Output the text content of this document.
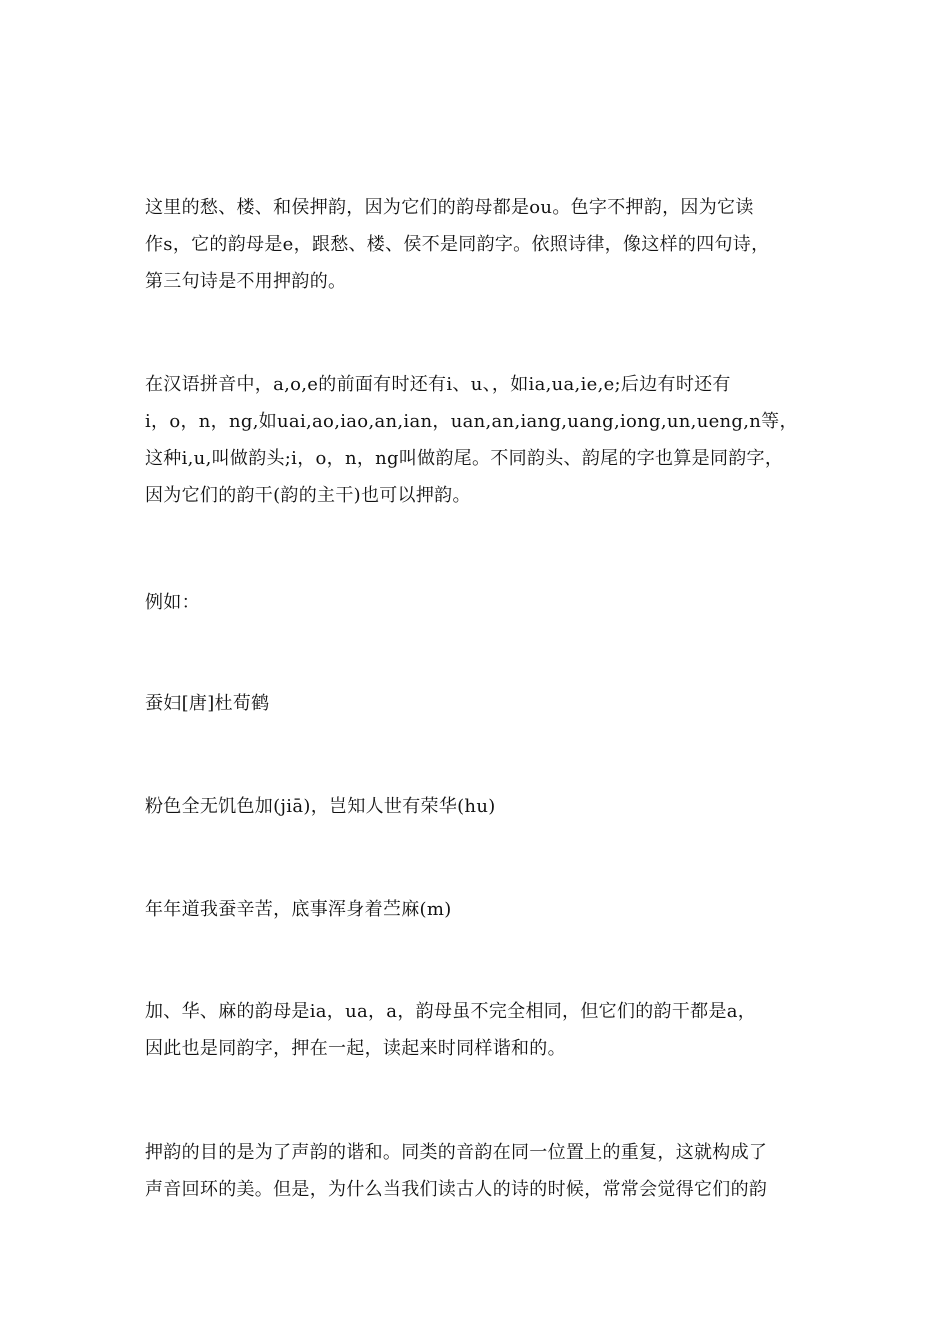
这里的愁、楼、和侯押韵，因为它们的韵母都是ou。色字不押韵，因为它读
作s，它的韵母是e，跟愁、楼、侯不是同韵字。依照诗律，像这样的四句诗，
第三句诗是不用押韵的。

在汉语拼音中，a,o,e的前面有时还有i、u、，如ia,ua,ie,e;后边有时还有
i，o，n，ng,如uai,ao,iao,an,ian，uan,an,iang,uang,iong,un,ueng,n等，
这种i,u,叫做韵头;i，o，n，ng叫做韵尾。不同韵头、韵尾的字也算是同韵字，
因为它们的韵干(韵的主干)也可以押韵。

例如：

蚕妇[唐]杜荀鹤

粉色全无饥色加(jiā)，岂知人世有荣华(hu)

年年道我蚕辛苦，底事浑身着苎麻(m)

加、华、麻的韵母是ia，ua，a，韵母虽不完全相同，但它们的韵干都是a，
因此也是同韵字，押在一起，读起来时同样谐和的。

押韵的目的是为了声韵的谐和。同类的音韵在同一位置上的重复，这就构成了
声音回环的美。但是，为什么当我们读古人的诗的时候，常常会觉得它们的韵
